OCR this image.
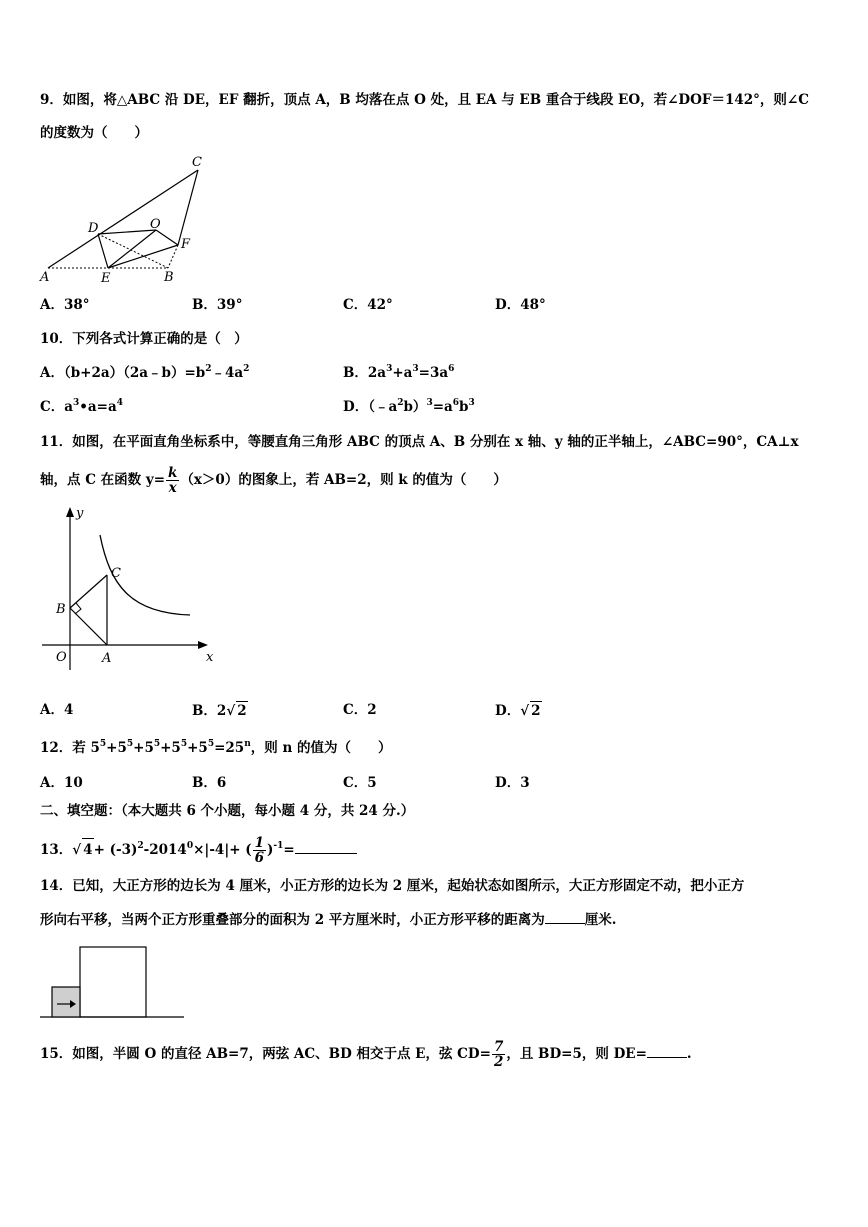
9．如图，将△ABC 沿 DE，EF 翻折，顶点 A，B 均落在点 O 处，且 EA 与 EB 重合于线段 EO，若∠DOF＝142°，则∠C
的度数为（　　）
C
D	O
F
A	E	B
A．38°	B．39°	C．42°	D．48°
10．下列各式计算正确的是（　）
A．$(b+2a)(2a﹣b)=b^2﹣4a^2$	B．$2a^3+a^3=3a^6$
C．$a^3•a=a^4$	D．$(﹣a^2b)^3=a^6b^3$
11．如图，在平面直角坐标系中，等腰直角三角形 ABC 的顶点 A、B 分别在 x 轴、y 轴的正半轴上，∠ABC=90°，CA⊥x
轴，点 C 在函数 $y= \frac{k}{x} (x>0)$的图象上，若 AB=2，则 k 的值为（　　）
y
x
O	A
B
C
A．4	B．2√ 2	C．2	D．√ 2
12．若 $5^5+5^5+5^5+5^5+5^5=25^n$，则 n 的值为（　　）
A．10	B．6	C．5	D．3
二、填空题：（本大题共 6 个小题，每小题 4 分，共 24 分.）
13．√ $4+ (-3)^2-2014^0\times|-4|+$ ( $\frac{1}{6} )^{-1}=$
14．已知，大正方形的边长为 4 厘米，小正方形的边长为 2 厘米，起始状态如图所示，大正方形固定不动，把小正方
形向右平移，当两个正方形重叠部分的面积为 2 平方厘米时，小正方形平移的距离为	厘米.
15．如图，半圆 O 的直径 AB=7，两弦 AC、BD 相交于点 E，弦 $CD= \frac{7}{2}$ ，且 BD=5，则 DE=	.
